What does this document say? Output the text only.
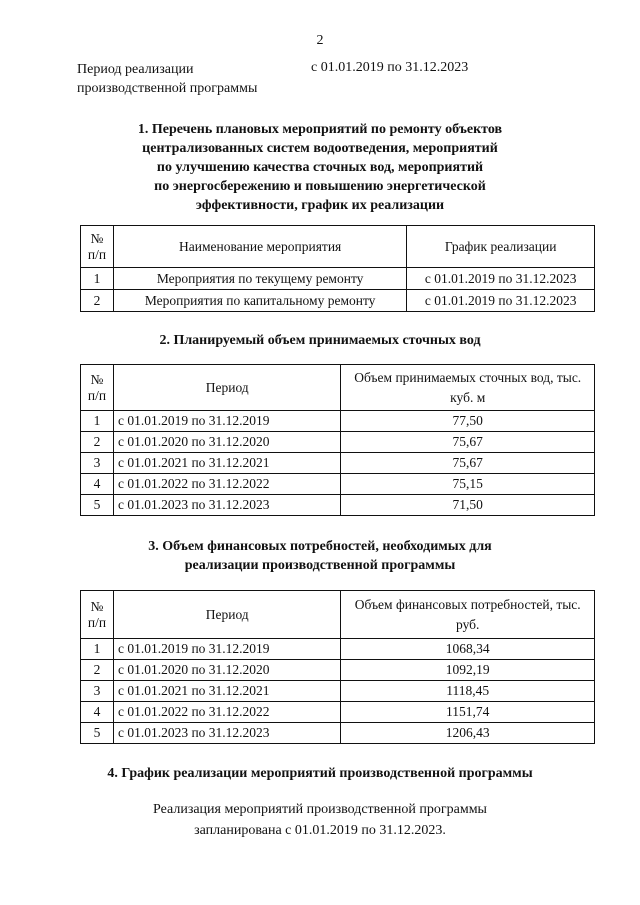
2
Период реализации
производственной программы
с 01.01.2019 по 31.12.2023
1. Перечень плановых мероприятий по ремонту объектов
централизованных систем водоотведения, мероприятий
по улучшению качества сточных вод, мероприятий
по энергосбережению и повышению энергетической
эффективности, график их реализации
№ п/п	Наименование мероприятия	График реализации
1	Мероприятия по текущему ремонту	с 01.01.2019 по 31.12.2023
2	Мероприятия по капитальному ремонту	с 01.01.2019 по 31.12.2023
2. Планируемый объем принимаемых сточных вод
№ п/п	Период	Объем принимаемых сточных вод, тыс. куб. м
1	с 01.01.2019 по 31.12.2019	77,50
2	с 01.01.2020 по 31.12.2020	75,67
3	с 01.01.2021 по 31.12.2021	75,67
4	с 01.01.2022 по 31.12.2022	75,15
5	с 01.01.2023 по 31.12.2023	71,50
3. Объем финансовых потребностей, необходимых для
реализации производственной программы
№ п/п	Период	Объем финансовых потребностей, тыс. руб.
1	с 01.01.2019 по 31.12.2019	1068,34
2	с 01.01.2020 по 31.12.2020	1092,19
3	с 01.01.2021 по 31.12.2021	1118,45
4	с 01.01.2022 по 31.12.2022	1151,74
5	с 01.01.2023 по 31.12.2023	1206,43
4. График реализации мероприятий производственной программы
Реализация мероприятий производственной программы
запланирована с 01.01.2019 по 31.12.2023.
